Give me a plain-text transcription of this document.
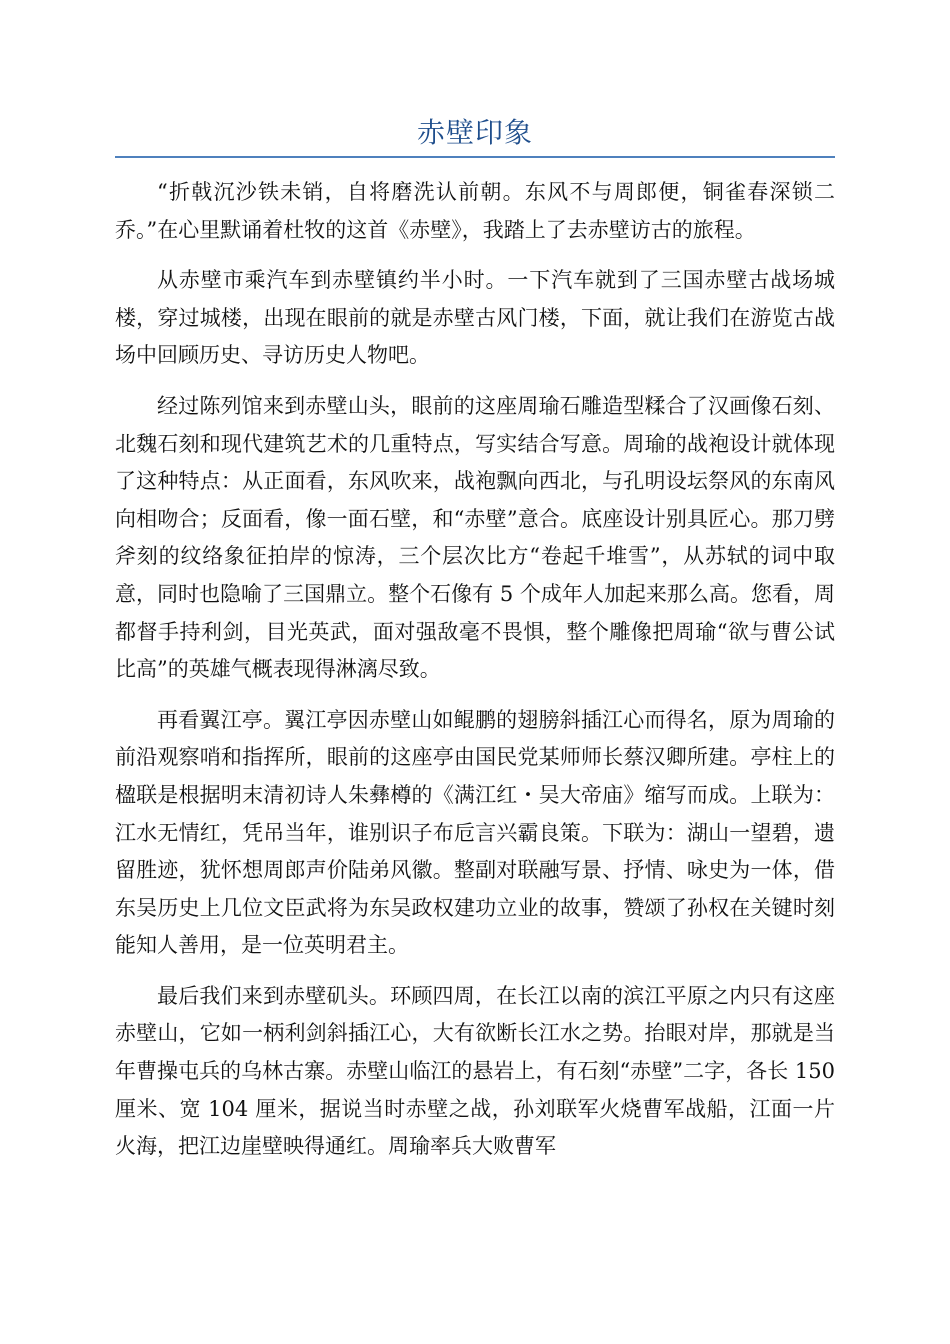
赤壁印象

“折戟沉沙铁未销，自将磨洗认前朝。东风不与周郎便，铜雀春深锁二乔。”在心里默诵着杜牧的这首《赤壁》，我踏上了去赤壁访古的旅程。

从赤壁市乘汽车到赤壁镇约半小时。一下汽车就到了三国赤壁古战场城楼，穿过城楼，出现在眼前的就是赤壁古风门楼，下面，就让我们在游览古战场中回顾历史、寻访历史人物吧。

经过陈列馆来到赤壁山头，眼前的这座周瑜石雕造型糅合了汉画像石刻、北魏石刻和现代建筑艺术的几重特点，写实结合写意。周瑜的战袍设计就体现了这种特点：从正面看，东风吹来，战袍飘向西北，与孔明设坛祭风的东南风向相吻合；反面看，像一面石壁，和“赤壁”意合。底座设计别具匠心。那刀劈斧刻的纹络象征拍岸的惊涛，三个层次比方“卷起千堆雪”，从苏轼的词中取意，同时也隐喻了三国鼎立。整个石像有 5 个成年人加起来那么高。您看，周都督手持利剑，目光英武，面对强敌毫不畏惧，整个雕像把周瑜“欲与曹公试比高”的英雄气概表现得淋漓尽致。

再看翼江亭。翼江亭因赤壁山如鲲鹏的翅膀斜插江心而得名，原为周瑜的前沿观察哨和指挥所，眼前的这座亭由国民党某师师长蔡汉卿所建。亭柱上的楹联是根据明末清初诗人朱彝樽的《满江红・吴大帝庙》缩写而成。上联为：江水无情红，凭吊当年，谁别识子布卮言兴霸良策。下联为：湖山一望碧，遗留胜迹，犹怀想周郎声价陆弟风徽。整副对联融写景、抒情、咏史为一体，借东吴历史上几位文臣武将为东吴政权建功立业的故事，赞颂了孙权在关键时刻能知人善用，是一位英明君主。

最后我们来到赤壁矶头。环顾四周，在长江以南的滨江平原之内只有这座赤壁山，它如一柄利剑斜插江心，大有欲断长江水之势。抬眼对岸，那就是当年曹操屯兵的乌林古寨。赤壁山临江的悬岩上，有石刻“赤壁”二字，各长 150 厘米、宽 104 厘米，据说当时赤壁之战，孙刘联军火烧曹军战船，江面一片火海，把江边崖壁映得通红。周瑜率兵大败曹军
